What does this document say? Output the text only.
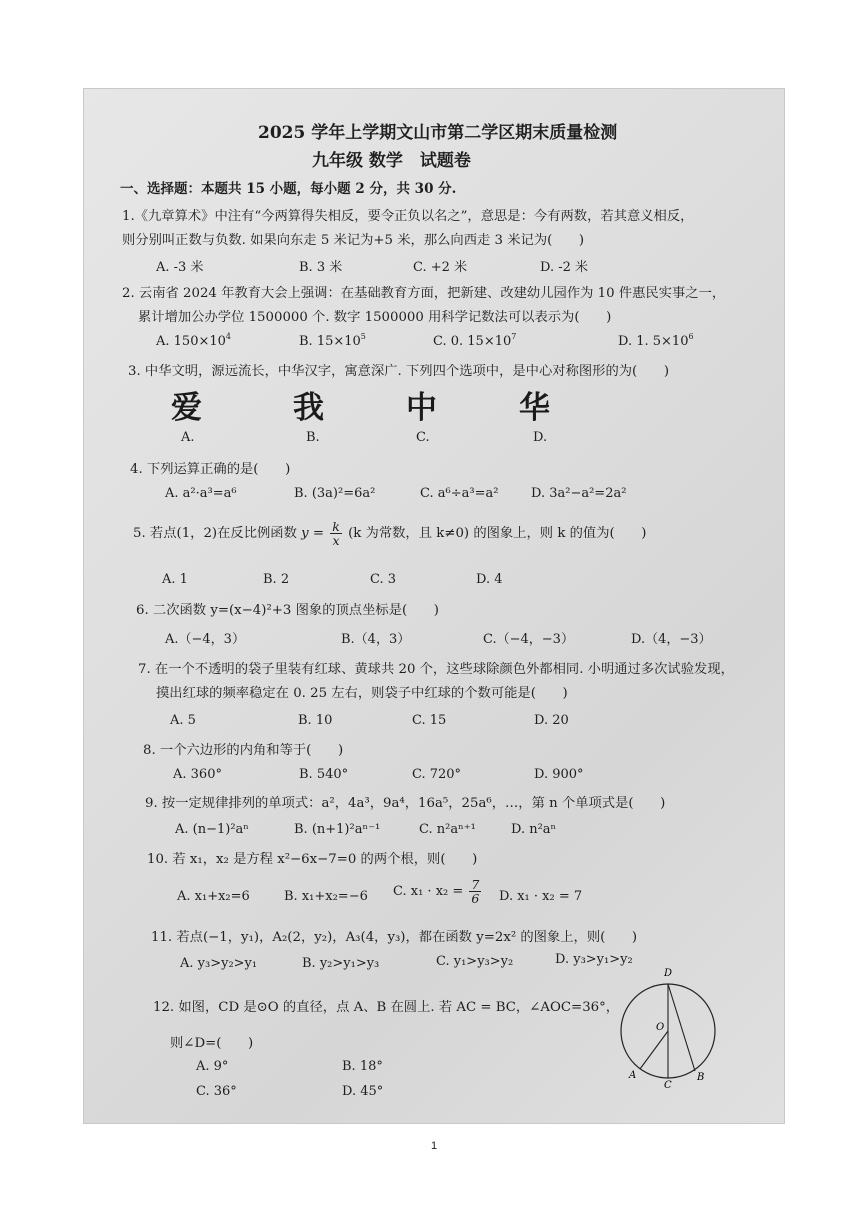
2025 学年上学期文山市第二学区期末质量检测
九年级 数学　试题卷
一、选择题：本题共 15 小题，每小题 2 分，共 30 分.
1.《九章算术》中注有“今两算得失相反，要令正负以名之”，意思是：今有两数，若其意义相反，
则分别叫正数与负数. 如果向东走 5 米记为+5 米，那么向西走 3 米记为(　　)
A. -3 米	B. 3 米	C. +2 米	D. -2 米
2. 云南省 2024 年教育大会上强调：在基础教育方面，把新建、改建幼儿园作为 10 件惠民实事之一，
累计增加公办学位 1500000 个. 数字 1500000 用科学记数法可以表示为(　　)
A. $150\times 10^4$	B. $15\times 10^5$	C. 0. $15\times 10^7$	D. 1. $5\times 10^6$
3. 中华文明，源远流长，中华汉字，寓意深广. 下列四个选项中，是中心对称图形的为(　　)
爱	我	中	华
A.	B.	C.	D.
4. 下列运算正确的是(　　)
A. a²·a³=a⁶	B. (3a)²=6a²	C. a⁶÷a³=a²	D. 3a²−a²=2a²
5. 若点(1，2)在反比例函数 $y = \frac{k}{x} (k$ 为常数，且 k≠0) 的图象上，则 k 的值为(　　)
A. 1	B. 2	C. 3	D. 4
6. 二次函数 y=(x−4)²+3 图象的顶点坐标是(　　)
A.（−4，3）	B.（4，3）	C.（−4，−3）	D.（4，−3）
7. 在一个不透明的袋子里装有红球、黄球共 20 个，这些球除颜色外都相同. 小明通过多次试验发现，
摸出红球的频率稳定在 0. 25 左右，则袋子中红球的个数可能是(　　)
A. 5	B. 10	C. 15	D. 20
8. 一个六边形的内角和等于(　　)
A. 360°	B. 540°	C. 720°	D. 900°
9. 按一定规律排列的单项式：a²，4a³，9a⁴，16a⁵，25a⁶，…，第 n 个单项式是(　　)
A. (n−1)²aⁿ	B. (n+1)²aⁿ⁻¹	C. n²aⁿ⁺¹	D. n²aⁿ
10. 若 x₁，x₂ 是方程 x²−6x−7=0 的两个根，则(　　)
A. x₁+x₂=6	B. x₁+x₂=−6 C. $x_1 \cdot x_2 = \frac{7}{6} D$. x₁ · x₂ = 7
11. 若点(−1，y₁)，A₂(2，y₂)，A₃(4，y₃)，都在函数 y=2x² 的图象上，则(　　)
A. y₃>y₂>y₁	B. y₂>y₁>y₃	C. y₁>y₃>y₂	D. y₃>y₁>y₂
12. 如图，CD 是⊙O 的直径，点 A、B 在圆上. 若 AC = BC，∠AOC=36°，
则∠D=(　　)
A. 9°	B. 18°
C. 36°	D. 45°
D
O
A	B
C
1
